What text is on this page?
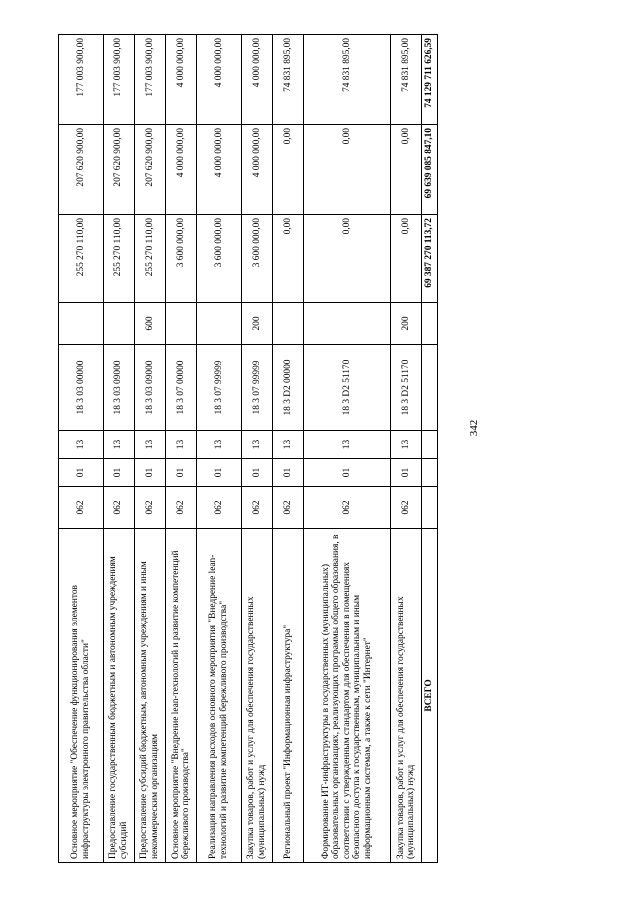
342
Основное мероприятие "Обеспечение функционирования элементов инфраструктуры электронного правительства области"	062	01	13	18 3 03 00000		255 270 110,00	207 620 900,00	177 003 900,00
Предоставление государственным бюджетным и автономным учреждениям субсидий	062	01	13	18 3 03 09000		255 270 110,00	207 620 900,00	177 003 900,00
Предоставление субсидий бюджетным, автономным учреждениям и иным некоммерческим организациям	062	01	13	18 3 03 09000	600	255 270 110,00	207 620 900,00	177 003 900,00
Основное мероприятие "Внедрение lean-технологий и развитие компетенций бережливого производства"	062	01	13	18 3 07 00000		3 600 000,00	4 000 000,00	4 000 000,00
Реализация направления расходов основного мероприятия "Внедрение lean-технологий и развитие компетенций бережливого производства"	062	01	13	18 3 07 99999		3 600 000,00	4 000 000,00	4 000 000,00
Закупка товаров, работ и услуг для обеспечения государственных (муниципальных) нужд	062	01	13	18 3 07 99999	200	3 600 000,00	4 000 000,00	4 000 000,00
Региональный проект "Информационная инфраструктура"	062	01	13	18 3 D2 00000		0,00	0,00	74 831 895,00
Формирование ИТ-инфраструктуры в государственных (муниципальных) образовательных организациях, реализующих программы общего образования, в соответствии с утвержденным стандартом для обеспечения в помещениях безопасного доступа к государственным, муниципальным и иным информационным системам, а также к сети "Интернет"	062	01	13	18 3 D2 51170		0,00	0,00	74 831 895,00
Закупка товаров, работ и услуг для обеспечения государственных (муниципальных) нужд	062	01	13	18 3 D2 51170	200	0,00	0,00	74 831 895,00
ВСЕГО						69 387 270 113,72	69 639 085 847,10	74 129 711 626,59
